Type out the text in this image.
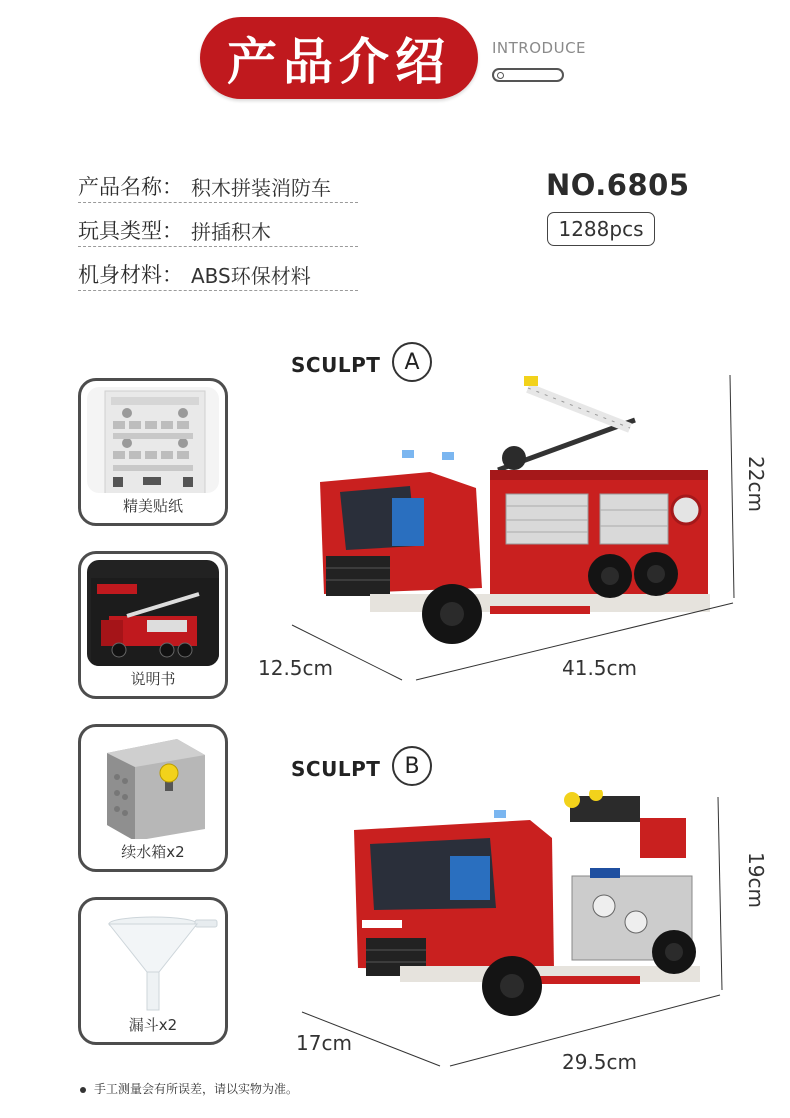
产品介绍	INTRODUCE
产品名称： 积木拼装消防车
玩具类型： 拼插积木
机身材料： ABS环保材料
NO.6805
1288pcs
精美贴纸
说明书
续水箱x2
漏斗x2
SCULPT	A
22cm
12.5cm	41.5cm
SCULPT	B
19cm
17cm
29.5cm
手工测量会有所误差，请以实物为准。
